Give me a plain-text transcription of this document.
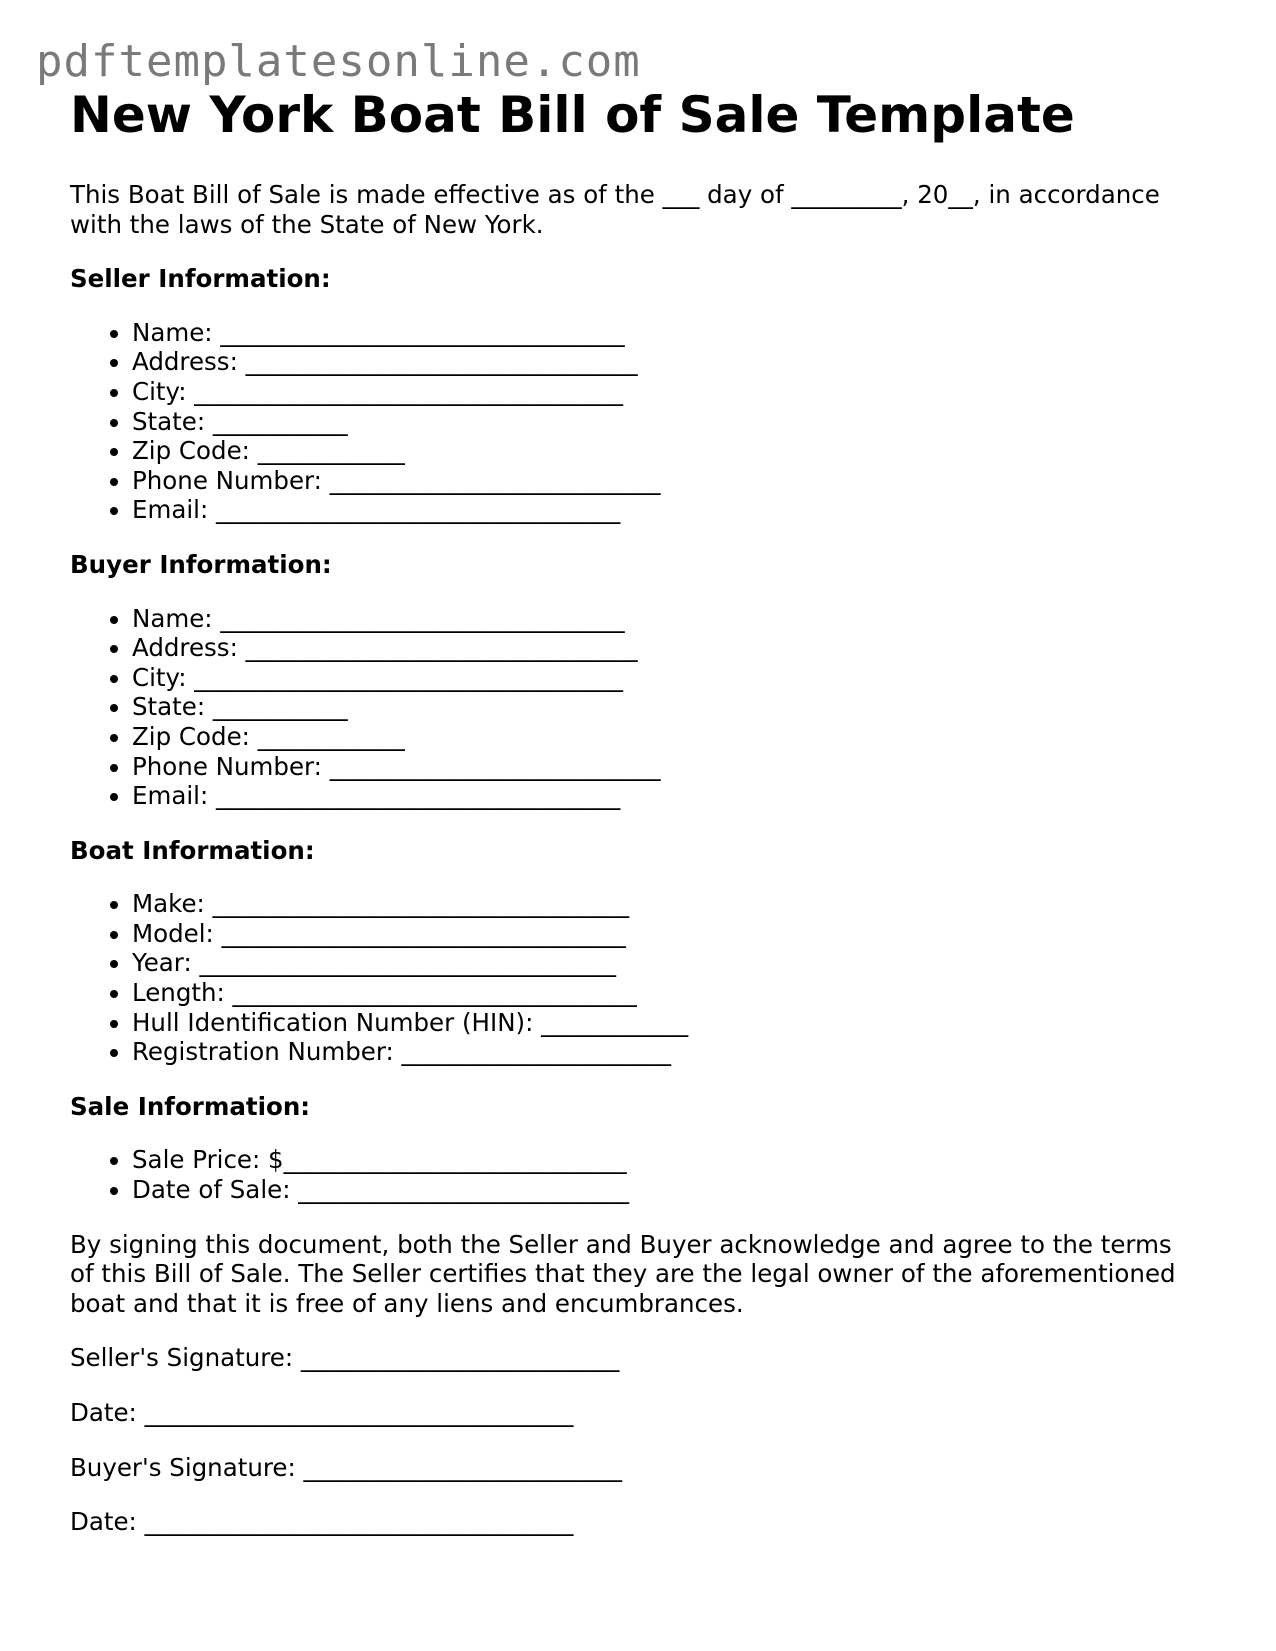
pdftemplatesonline.com
New York Boat Bill of Sale Template

This Boat Bill of Sale is made effective as of the ___ day of _________, 20__, in accordance
with the laws of the State of New York.

Seller Information:

• Name: _________________________________
• Address: ________________________________
• City: ___________________________________
• State: ___________
• Zip Code: ____________
• Phone Number: ___________________________
• Email: _________________________________

Buyer Information:

• Name: _________________________________
• Address: ________________________________
• City: ___________________________________
• State: ___________
• Zip Code: ____________
• Phone Number: ___________________________
• Email: _________________________________

Boat Information:

• Make: __________________________________
• Model: _________________________________
• Year: __________________________________
• Length: _________________________________
• Hull Identification Number (HIN): ____________
• Registration Number: ______________________

Sale Information:

• Sale Price: $____________________________
• Date of Sale: ___________________________

By signing this document, both the Seller and Buyer acknowledge and agree to the terms
of this Bill of Sale. The Seller certifies that they are the legal owner of the aforementioned
boat and that it is free of any liens and encumbrances.

Seller's Signature: __________________________

Date: ___________________________________

Buyer's Signature: __________________________

Date: ___________________________________
